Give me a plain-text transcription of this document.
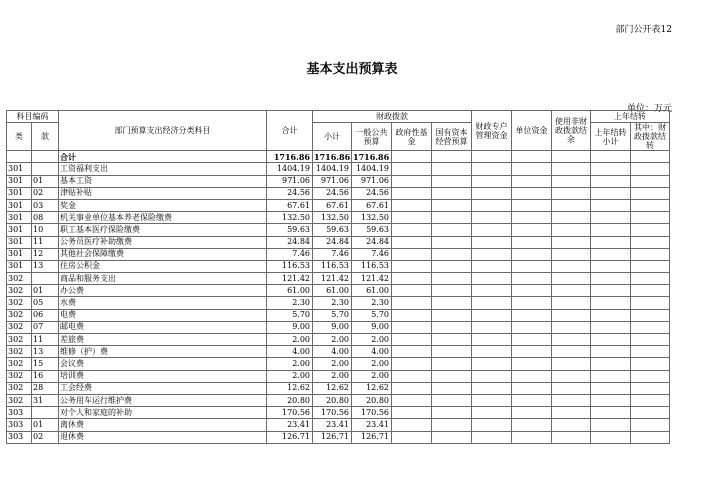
部门公开表12
基本支出预算表
单位：万元
科目编码		部门预算支出经济分类科目	合计	财政拨款				财政专户管理资金	单位资金	使用非财政拨款结余	上年结转	
类	款			小计	一般公共预算	政府性基金	国有资本经营预算				上年结转小计	其中：财政拨款结转

		合计	1716.86	1716.86	1716.86							
301		工资福利支出	1404.19	1404.19	1404.19							
301	01	基本工资	971.06	971.06	971.06							
301	02	津贴补贴	24.56	24.56	24.56							
301	03	奖金	67.61	67.61	67.61							
301	08	机关事业单位基本养老保险缴费	132.50	132.50	132.50							
301	10	职工基本医疗保险缴费	59.63	59.63	59.63							
301	11	公务员医疗补助缴费	24.84	24.84	24.84							
301	12	其他社会保障缴费	7.46	7.46	7.46							
301	13	住房公积金	116.53	116.53	116.53							
302		商品和服务支出	121.42	121.42	121.42							
302	01	办公费	61.00	61.00	61.00							
302	05	水费	2.30	2.30	2.30							
302	06	电费	5.70	5.70	5.70							
302	07	邮电费	9.00	9.00	9.00							
302	11	差旅费	2.00	2.00	2.00							
302	13	维修（护）费	4.00	4.00	4.00							
302	15	会议费	2.00	2.00	2.00							
302	16	培训费	2.00	2.00	2.00							
302	28	工会经费	12.62	12.62	12.62							
302	31	公务用车运行维护费	20.80	20.80	20.80							
303		对个人和家庭的补助	170.56	170.56	170.56							
303	01	离休费	23.41	23.41	23.41							
303	02	退休费	126.71	126.71	126.71							
